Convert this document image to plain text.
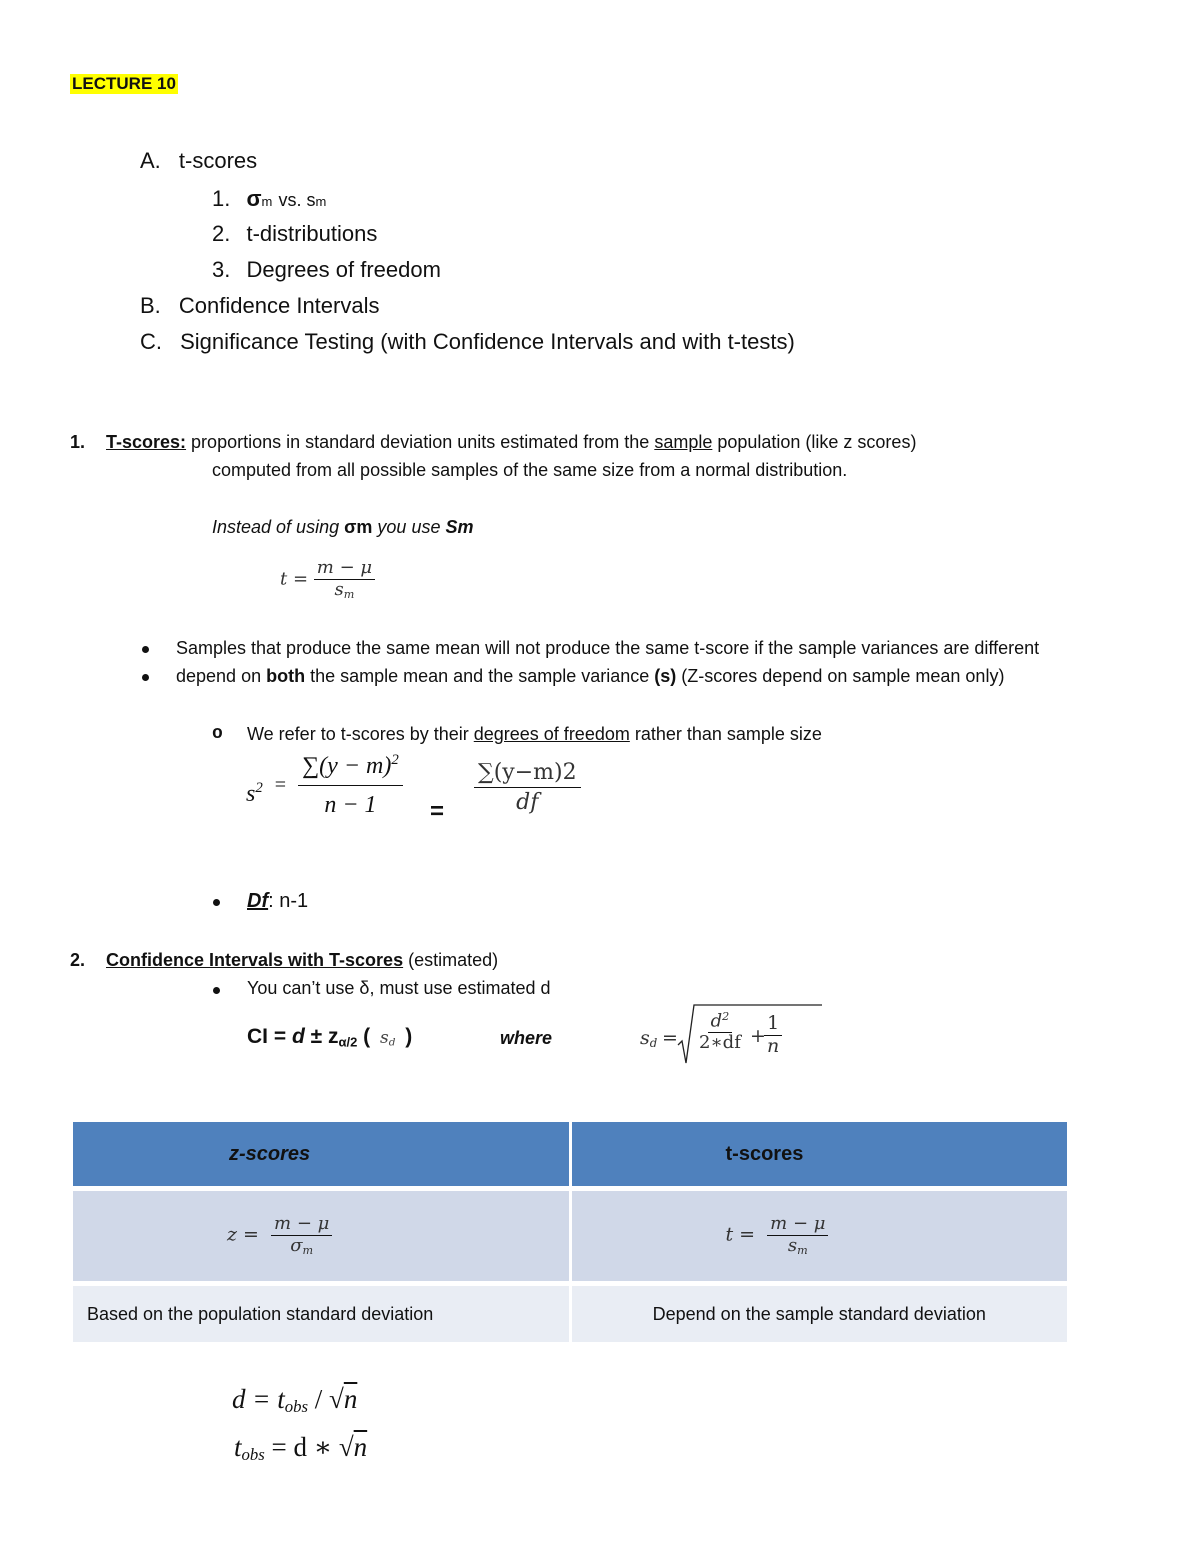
LECTURE 10
A. t-scores
1. σm vs. sm
2. t-distributions
3. Degrees of freedom
B. Confidence Intervals
C. Significance Testing (with Confidence Intervals and with t-tests)
1. T-scores: proportions in standard deviation units estimated from the sample population (like z scores)
computed from all possible samples of the same size from a normal distribution.
Instead of using σm you use Sm
$t = \frac{m - \mu}{s_m}$
Samples that produce the same mean will not produce the same t-score if the sample variances are different
depend on both the sample mean and the sample variance (s) (Z-scores depend on sample mean only)
o We refer to t-scores by their degrees of freedom rather than sample size
$s^2 = \frac{\sum(y - m)^2}{n - 1} = \frac{\sum(y-m)2}{df}$
Df: n-1
2. Confidence Intervals with T-scores (estimated)
You can’t use δ, must use estimated d
CI = $d \pm z_{\alpha/2}$ ( $s_d$ )	where	$s_d = \frac{d^2}{2∗df}$ +
$\frac{1}{n}$
z-scores	t-scores

$z = \frac{m - \mu}{\sigma_m}$	$t = \frac{m - \mu}{s_m}$

Based on the population standard deviation	Depend on the sample standard deviation
$d = t_{obs} / √n$
$t_{obs} = d$ ∗ √n
